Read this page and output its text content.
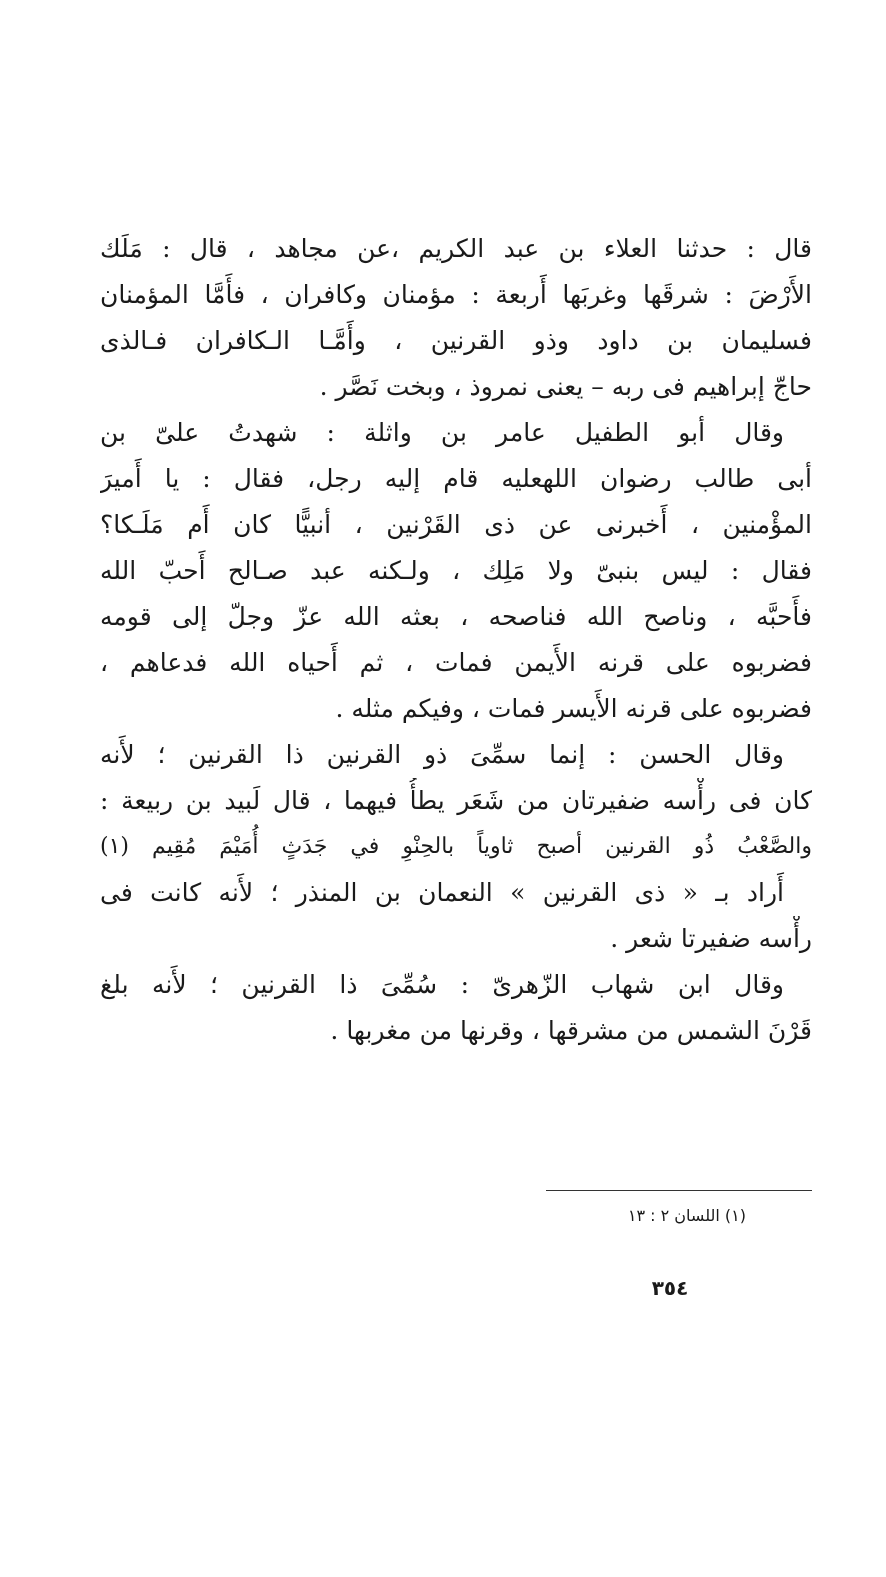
قال : حدثنا العلاء بن عبد الكريم ،عن مجاهد ، قال : مَلَك
الأَرْضَ : شرقَها وغربَها أَربعة : مؤمنان وكافران ، فأَمَّا المؤمنان
فسليمان بن داود وذو القرنين ، وأَمَّـا الـكافران فـالذى
حاجّ إبراهيم فى ربه – يعنى نمروذ ، وبخت نَصَّر .
وقال أبو الطفيل عامر بن واثلة : شهدتُ علىّ بن
أبى طالب رضوان اللهعليه قام إليه رجل، فقال : يا أَميرَ
المؤْمنين ، أَخبرنى عن ذى القَرْنين ، أنبيًّا كان أَم مَلَـكا؟
فقال : ليس بنبىّ ولا مَلِك ، ولـكنه عبد صـالح أَحبّ الله
فأَحبَّه ، وناصح الله فناصحه ، بعثه الله عزّ وجلّ إلى قومه
فضربوه على قرنه الأَيمن فمات ، ثم أَحياه الله فدعاهم ،
فضربوه على قرنه الأَيسر فمات ، وفيكم مثله .
وقال الحسن : إنما سمِّىَ ذو القرنين ذا القرنين ؛ لأَنه
كان فى رأْسه ضفيرتان من شَعَر يطأُ فيهما ، قال لَبيد بن ربيعة :
والصَّعْبُ ذُو القرنين أصبح ثاوياً بالحِنْوِ في جَدَثٍ أُمَيْمَ مُقِيم (١)
أَراد بـ « ذى القرنين » النعمان بن المنذر ؛ لأَنه كانت فى
رأْسه ضفيرتا شعر .
وقال ابن شهاب الزّهرىّ : سُمِّىَ ذا القرنين ؛ لأَنه بلغ
قَرْنَ الشمس من مشرقها ، وقرنها من مغربها .
(١) اللسان ٢ : ١٣
٣٥٤
